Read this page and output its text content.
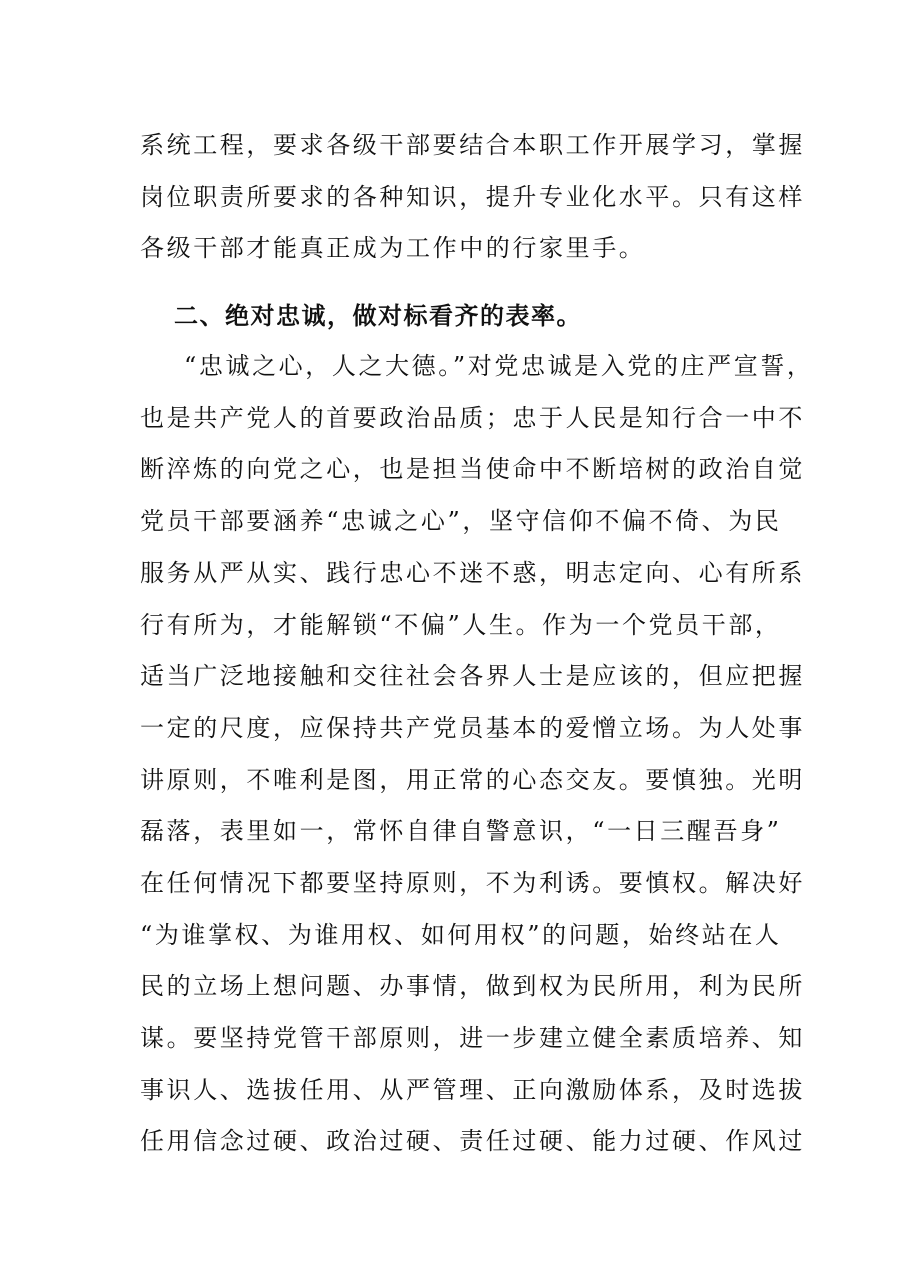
系统工程，要求各级干部要结合本职工作开展学习，掌握
岗位职责所要求的各种知识，提升专业化水平。只有这样
各级干部才能真正成为工作中的行家里手。
二、绝对忠诚，做对标看齐的表率。
“忠诚之心，人之大德。”对党忠诚是入党的庄严宣誓，
也是共产党人的首要政治品质；忠于人民是知行合一中不
断淬炼的向党之心，也是担当使命中不断培树的政治自觉
党员干部要涵养“忠诚之心”，坚守信仰不偏不倚、为民
服务从严从实、践行忠心不迷不惑，明志定向、心有所系
行有所为，才能解锁“不偏”人生。作为一个党员干部，
适当广泛地接触和交往社会各界人士是应该的，但应把握
一定的尺度，应保持共产党员基本的爱憎立场。为人处事
讲原则，不唯利是图，用正常的心态交友。要慎独。光明
磊落，表里如一，常怀自律自警意识，“一日三醒吾身”
在任何情况下都要坚持原则，不为利诱。要慎权。解决好
“为谁掌权、为谁用权、如何用权”的问题，始终站在人
民的立场上想问题、办事情，做到权为民所用，利为民所
谋。要坚持党管干部原则，进一步建立健全素质培养、知
事识人、选拔任用、从严管理、正向激励体系，及时选拔
任用信念过硬、政治过硬、责任过硬、能力过硬、作风过
